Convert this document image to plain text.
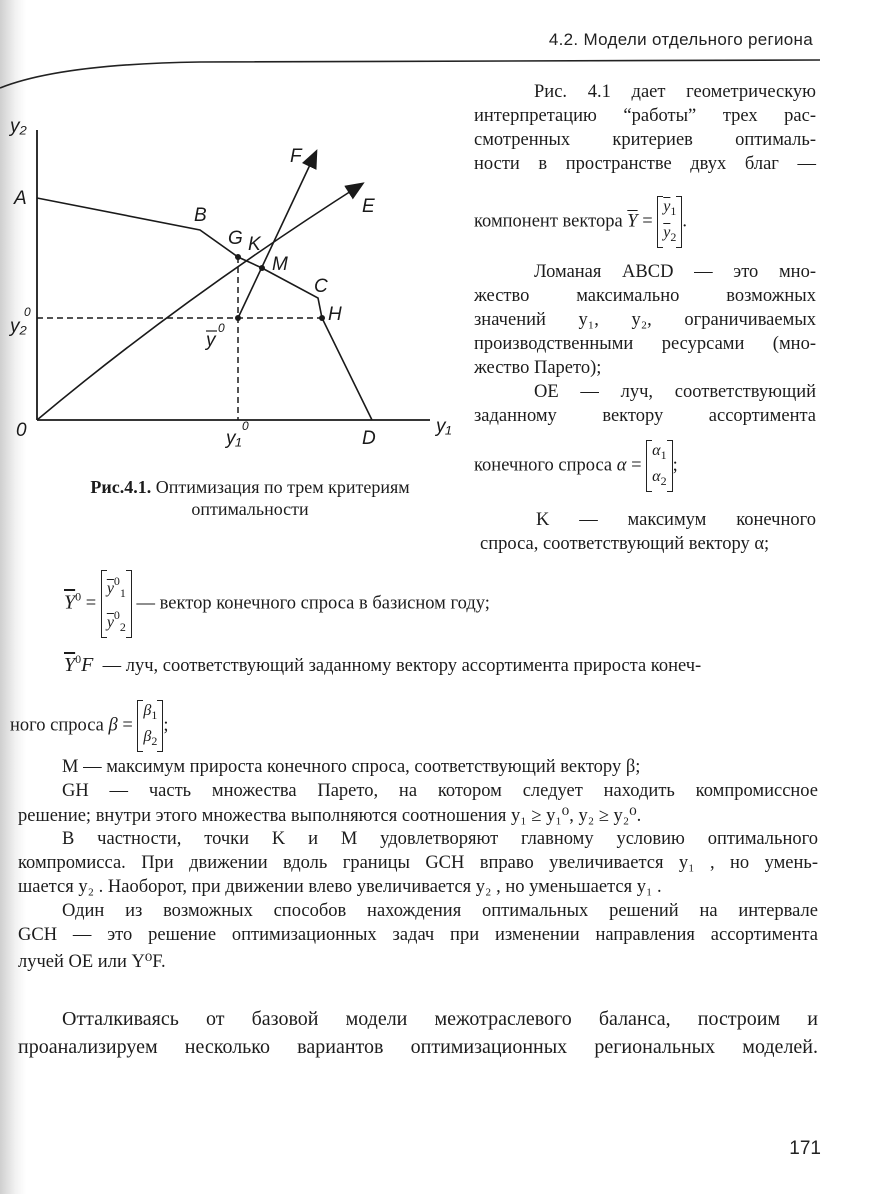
4.2. Модели отдельного региона
y₂
y₁
0
A
B
G K
M
C
H
D
E
F
y
0
y₂
0
y₁
0
Рис.4.1. Оптимизация по трем критериям
оптимальности
Рис. 4.1 дает геометрическую
интерпретацию “работы” трех рас-
смотренных критериев оптималь-
ности в пространстве двух благ —
компонент вектора $\overline{Y}$ =
$\overline{y}_1$
$\overline{y}_2$.
Ломаная ABCD — это мно-
жество максимально возможных
значений y₁, y₂, ограничиваемых
производственными ресурсами (мно-
жество Парето);
OE — луч, соответствующий
заданному вектору ассортимента
конечного спроса α =
$\alpha_1$
$\alpha_2$;
K — максимум конечного
спроса, соответствующий вектору α;
$\overline{Y}^0$ =
$\overline{y}^0_1$
$\overline{y}^0_2$ — вектор конечного спроса в базисном году;
$\overline{Y}^0F$ — луч, соответствующий заданному вектору ассортимента прироста конеч-
ного спроса β =
$\beta_1$
$\beta_2$;
M — максимум прироста конечного спроса, соответствующий вектору β;
GH — часть множества Парето, на котором следует находить компромиссное
решение; внутри этого множества выполняются соотношения y₁ ≥ y₁⁰, y₂ ≥ y₂⁰.
В частности, точки K и M удовлетворяют главному условию оптимального
компромисса. При движении вдоль границы GCH вправо увеличивается y₁ , но умень-
шается y₂ . Наоборот, при движении влево увеличивается y₂ , но уменьшается y₁ .
Один из возможных способов нахождения оптимальных решений на интервале
GCH — это решение оптимизационных задач при изменении направления ассортимента
лучей OE или Y⁰F.
Отталкиваясь от базовой модели межотраслевого баланса, построим и
проанализируем несколько вариантов оптимизационных региональных моделей.
171
